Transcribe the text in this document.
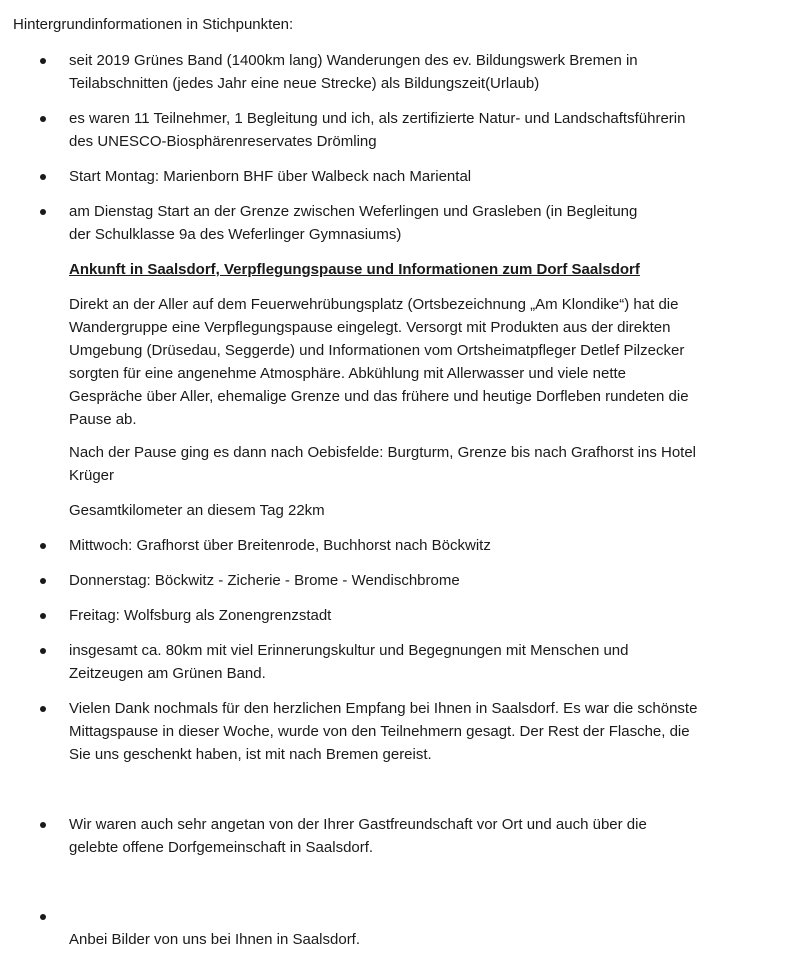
Hintergrundinformationen in Stichpunkten:

seit 2019 Grünes Band (1400km lang) Wanderungen des ev. Bildungswerk Bremen in

Teilabschnitten (jedes Jahr eine neue Strecke) als Bildungszeit(Urlaub)

es waren 11 Teilnehmer, 1 Begleitung und ich, als zertifizierte Natur- und Landschaftsführerin

des UNESCO-Biosphärenreservates Drömling

Start Montag: Marienborn BHF über Walbeck nach Mariental

am Dienstag Start an der Grenze zwischen Weferlingen und Grasleben (in Begleitung

der Schulklasse 9a des Weferlinger Gymnasiums)

Ankunft in Saalsdorf, Verpflegungspause und Informationen zum Dorf Saalsdorf

Direkt an der Aller auf dem Feuerwehrübungsplatz (Ortsbezeichnung „Am Klondike“) hat die

Wandergruppe eine Verpflegungspause eingelegt. Versorgt mit Produkten aus der direkten

Umgebung (Drüsedau, Seggerde) und Informationen vom Ortsheimatpfleger Detlef Pilzecker

sorgten für eine angenehme Atmosphäre. Abkühlung mit Allerwasser und viele nette

Gespräche über Aller, ehemalige Grenze und das frühere und heutige Dorfleben rundeten die

Pause ab.

Nach der Pause ging es dann nach Oebisfelde: Burgturm, Grenze bis nach Grafhorst ins Hotel

Krüger

Gesamtkilometer an diesem Tag 22km

Mittwoch: Grafhorst über Breitenrode, Buchhorst nach Böckwitz

Donnerstag: Böckwitz - Zicherie - Brome - Wendischbrome

Freitag: Wolfsburg als Zonengrenzstadt

insgesamt ca. 80km mit viel Erinnerungskultur und Begegnungen mit Menschen und

Zeitzeugen am Grünen Band.

Vielen Dank nochmals für den herzlichen Empfang bei Ihnen in Saalsdorf. Es war die schönste

Mittagspause in dieser Woche, wurde von den Teilnehmern gesagt. Der Rest der Flasche, die

Sie uns geschenkt haben, ist mit nach Bremen gereist.

Wir waren auch sehr angetan von der Ihrer Gastfreundschaft vor Ort und auch über die

gelebte offene Dorfgemeinschaft in Saalsdorf.

Anbei Bilder von uns bei Ihnen in Saalsdorf.
